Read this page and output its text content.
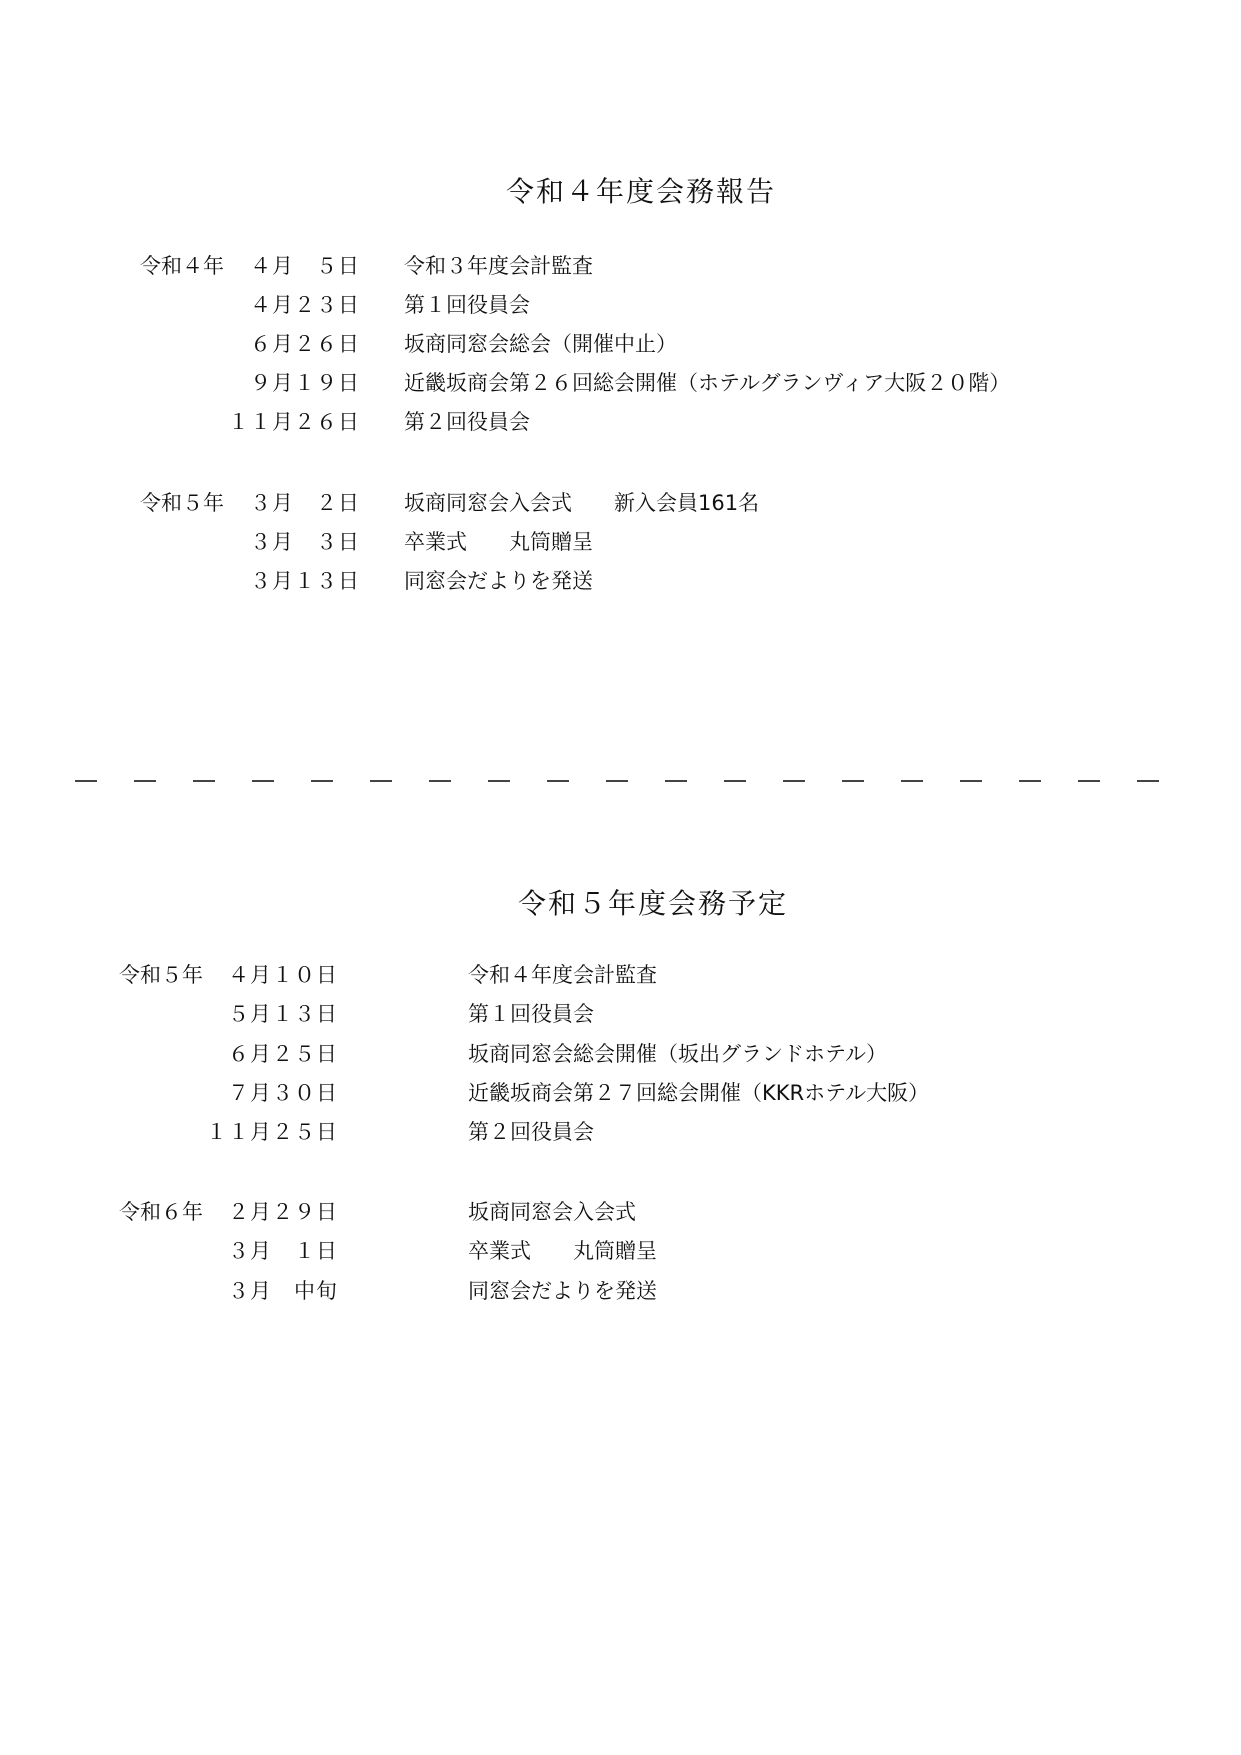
令和４年度会務報告
令和４年	４月　５日 令和３年度会計監査
４月２３日 第１回役員会
６月２６日 坂商同窓会総会（開催中止）
９月１９日 近畿坂商会第２６回総会開催（ホテルグランヴィア大阪２０階）
１１月２６日 第２回役員会
令和５年	３月　２日 坂商同窓会入会式　　新入会員161名
３月　３日 卒業式　　丸筒贈呈
３月１３日 同窓会だよりを発送
令和５年度会務予定
令和５年	４月１０日	令和４年度会計監査
５月１３日	第１回役員会
６月２５日	坂商同窓会総会開催（坂出グランドホテル）
７月３０日	近畿坂商会第２７回総会開催（KKRホテル大阪）
１１月２５日	第２回役員会
令和６年	２月２９日	坂商同窓会入会式
３月　１日	卒業式　　丸筒贈呈
３月　中旬	同窓会だよりを発送
